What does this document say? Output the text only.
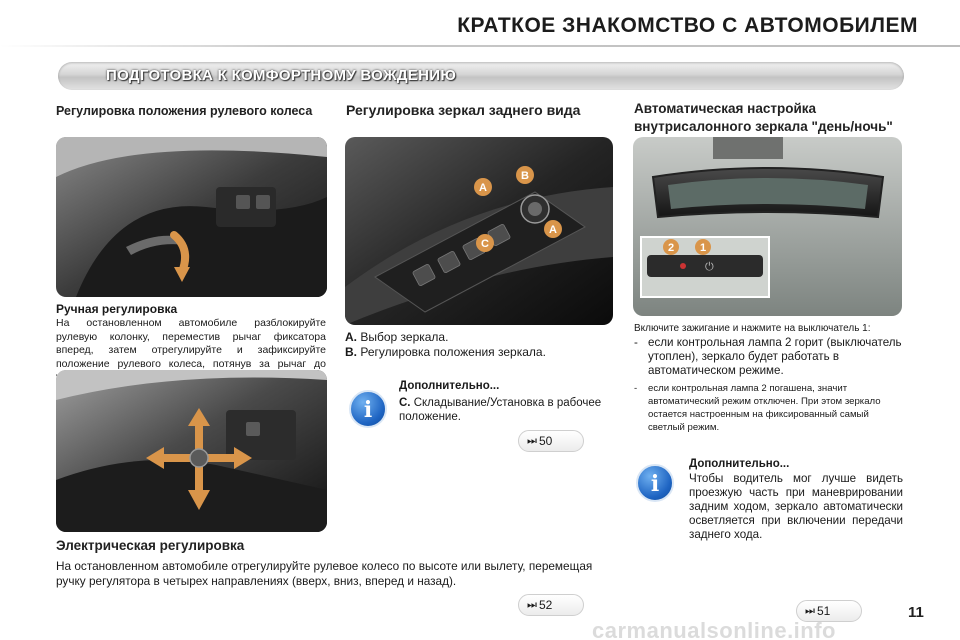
КРАТКОЕ ЗНАКОМСТВО С АВТОМОБИЛЕМ
ПОДГОТОВКА К КОМФОРТНОМУ ВОЖДЕНИЮ
Регулировка положения рулевого колеса
Ручная регулировка
На остановленном автомобиле разблокируйте рулевую колонку, переместив рычаг фиксатора вперед, затем отрегулируйте и зафиксируйте положение рулевого колеса, потянув за рычаг до
Электрическая регулировка
На остановленном автомобиле отрегулируйте рулевое колесо по высоте или вылету, перемещая ручку регулятора в четырех направлениях (вверх, вниз, вперед и назад).
Регулировка зеркал заднего вида
A
B
C
A
A. Выбор зеркала.
B. Регулировка положения зеркала.
i
Дополнительно...
C. Складывание/Установка в рабочее положение.
⏭ 50
Автоматическая настройка
внутрисалонного зеркала "день/ночь"
⏻
2 1
Включите зажигание и нажмите на выключатель 1:
- если контрольная лампа 2 горит (выключатель утоплен), зеркало будет работать в автоматическом режиме.
- если контрольная лампа 2 погашена, значит автоматический режим отключен. При этом зеркало остается настроенным на фиксированный самый светлый режим.
i
Дополнительно...
Чтобы водитель мог лучше видеть проезжую часть при маневрировании задним ходом, зеркало автоматически осветляется при включении передачи заднего хода.
⏭ 52	⏭ 51	11
carmanualsonline.info
